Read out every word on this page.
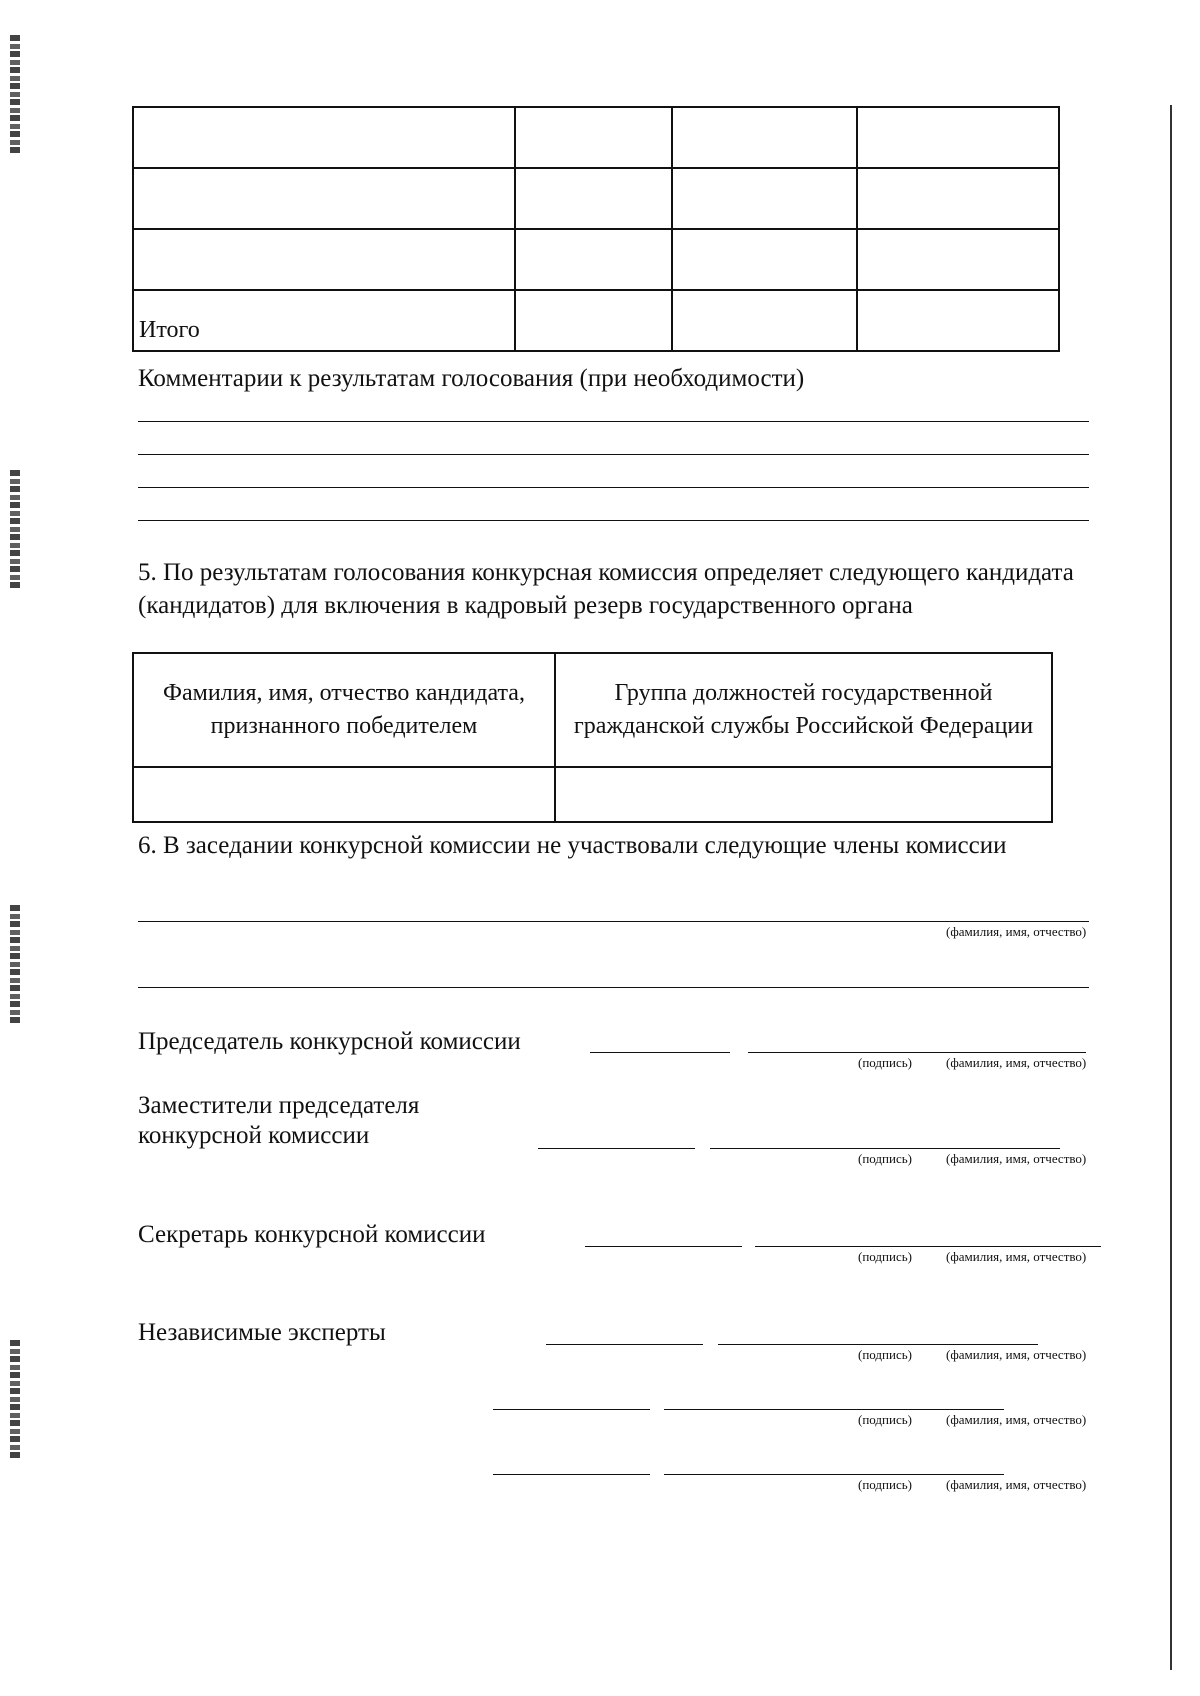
Итого			
Комментарии к результатам голосования (при необходимости)
5. По результатам голосования конкурсная комиссия определяет следующего кандидата (кандидатов) для включения в кадровый резерв государственного органа
Фамилия, имя, отчество кандидата, признанного победителем	Группа должностей государственной гражданской службы Российской Федерации

6. В заседании конкурсной комиссии не участвовали следующие члены комиссии
(фамилия, имя, отчество)
Председатель конкурсной комиссии
(подпись)	(фамилия, имя, отчество)
Заместители председателя
конкурсной комиссии
(подпись)	(фамилия, имя, отчество)
Секретарь конкурсной комиссии
(подпись)	(фамилия, имя, отчество)
Независимые эксперты
(подпись)	(фамилия, имя, отчество)
(подпись)	(фамилия, имя, отчество)
(подпись)	(фамилия, имя, отчество)
